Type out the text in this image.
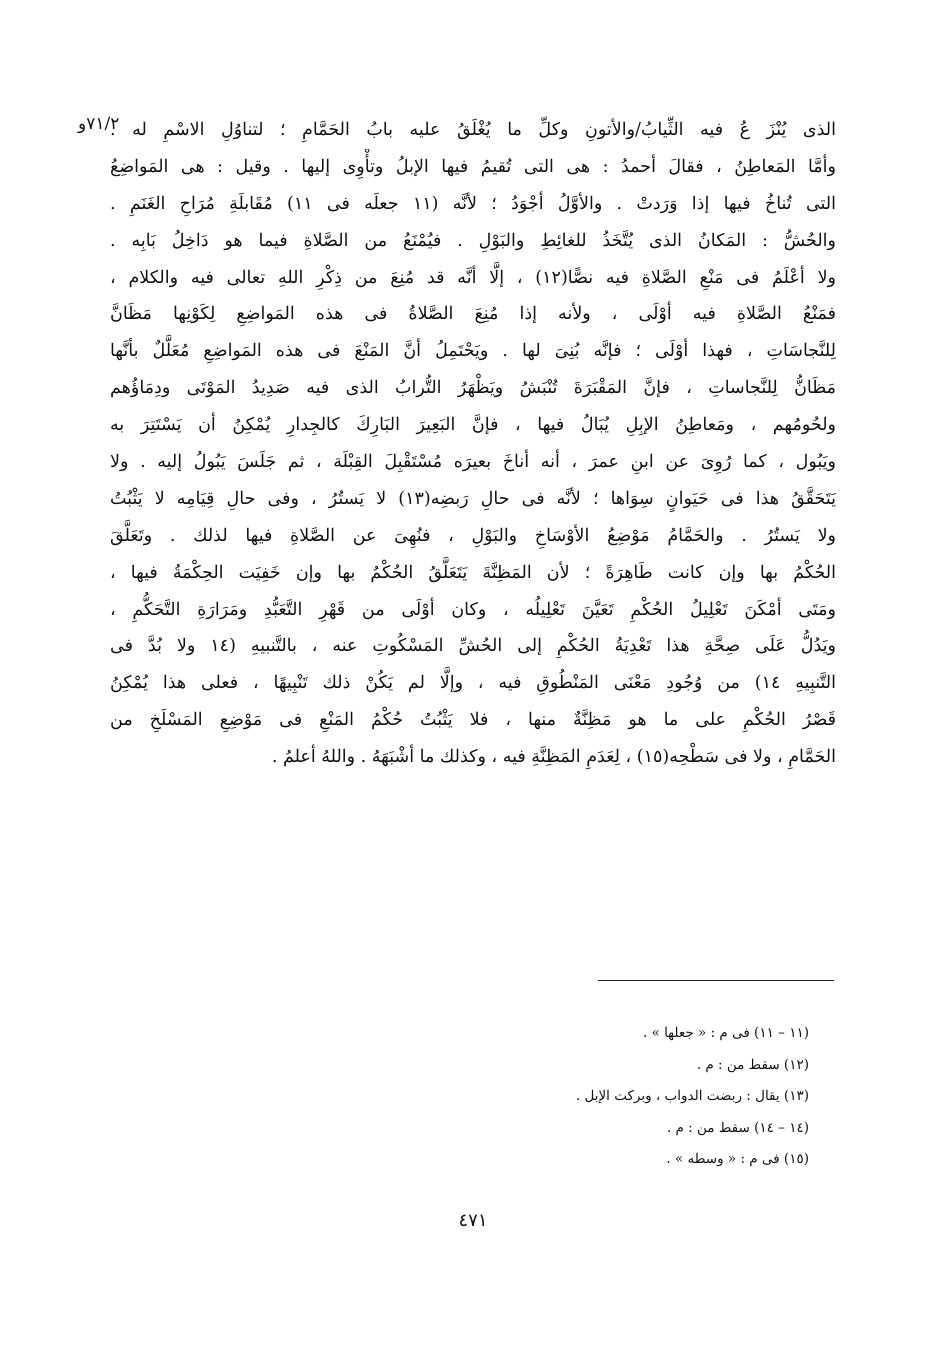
٧١/٢و
الذى يُنْزَ عُ فيه الثِّيابُ/والأتونِ وكلِّ ما يُغْلَقُ عليه بابُ الحَمَّامِ ؛ لتناوُلِ الاسْمِ له .
وأمَّا المَعاطِنُ ، فقالَ أحمدُ : هى التى تُقيمُ فيها الإبلُ وتأْوِى إليها . وقيل : هى المَواضِعُ
التى تُناخُ فيها إذا وَرَدتْ . والأوَّلُ أجْوَدُ ؛ لأنَّه (١١ جعلَه فى ١١) مُقَابلَةِ مُرَاحِ الغَنَمِ .
والحُشُّ : المَكانُ الذى يُتَّخَذُ للغائِطِ والبَوْلِ . فيُمْنَعُ من الصَّلاةِ فيما هو دَاخِلُ بَابِه .
ولا أعْلَمُ فى مَنْعِ الصَّلاةِ فيه نصًّا(١٢) ، إلَّا أنَّه قد مُنِعَ من ذِكْرِ اللهِ تعالى فيه والكلام ،
فمَنْعُ الصَّلاةِ فيه أوْلَى ، ولأنه إذا مُنِعَ الصَّلاةُ فى هذه المَواضِعِ لِكَوْنِها مَظَانَّ
لِلنَّجاسَاتِ ، فهذا أوْلَى ؛ فإنَّه بُنِىَ لها . ويَحْتَمِلُ أنَّ المَنْعَ فى هذه المَواضِعِ مُعَلَّلٌ بأنَّها
مَظَانُّ لِلنَّجاساتِ ، فإنَّ المَقْبَرَةَ تُنْبَشُ ويَظْهَرُ التُّرابُ الذى فيه صَدِيدُ المَوْتَى ودِمَاؤُهم
ولحُومُهم ، ومَعاطِنُ الإبِلِ يُبَالُ فيها ، فإنَّ البَعِيرَ البَارِكَ كالجِدارِ يُمْكِنُ أن يَسْتَتِرَ به
ويَبُول ، كما رُوِىَ عن ابنِ عمرَ ، أنه أناخَ بعيرَه مُسْتَقْبِلَ القِبْلَة ، ثم جَلَسَ يَبُولُ إليه . ولا
يَتَحَقَّقُ هذا فى حَيَوانٍ سِوَاها ؛ لأنَّه فى حالِ رَبضِه(١٣) لا يَستُرُ ، وفى حالِ قِيَامِه لا يَثْبُتُ
ولا يَستُرُ . والحَمَّامُ مَوْضِعُ الأوْسَاخِ والبَوْلِ ، فنُهِىَ عن الصَّلاةِ فيها لذلك . وتَعَلَّقَ
الحُكْمُ بها وإن كانت طَاهِرَةً ؛ لأن المَظِنَّةَ يَتَعَلَّقُ الحُكْمُ بها وإن خَفِيَت الحِكْمَةُ فيها ،
ومَتَى أمْكَنَ تَعْلِيلُ الحُكْمِ تَعَيَّنَ تَعْلِيلُه ، وكان أوْلَى من قَهْرِ التَّعَبُّدِ ومَرَارَةِ التَّحَكُّمِ ،
ويَدُلُّ عَلَى صِحَّةِ هذا تَعْدِيَةُ الحُكْمِ إلى الحُشِّ المَسْكُوتِ عنه ، بالتَّنبيهِ (١٤ ولا بُدَّ فى
التَّنبِيهِ ١٤) من وُجُودِ مَعْنَى المَنْطُوقِ فيه ، وإلَّا لم يَكُنْ ذلك تَنْبِيهًا ، فعلى هذا يُمْكِنُ
قَصْرُ الحُكْمِ على ما هو مَظِنَّةٌ منها ، فلا يَثْبُتُ حُكْمُ المَنْعِ فى مَوْضِعِ المَسْلَخِ من
الحَمَّامِ ، ولا فى سَطْحِه(١٥) ، لِعَدَمِ المَظِنَّةِ فيه ، وكذلك ما أشْبَهَهُ . واللهُ أعلمُ .
(١١ – ١١) فى م : « جعلها » .
(١٢) سقط من : م .
(١٣) يقال : ربضت الدواب ، وبركت الإبل .
(١٤ – ١٤) سقط من : م .
(١٥) فى م : « وسطه » .
٤٧١
